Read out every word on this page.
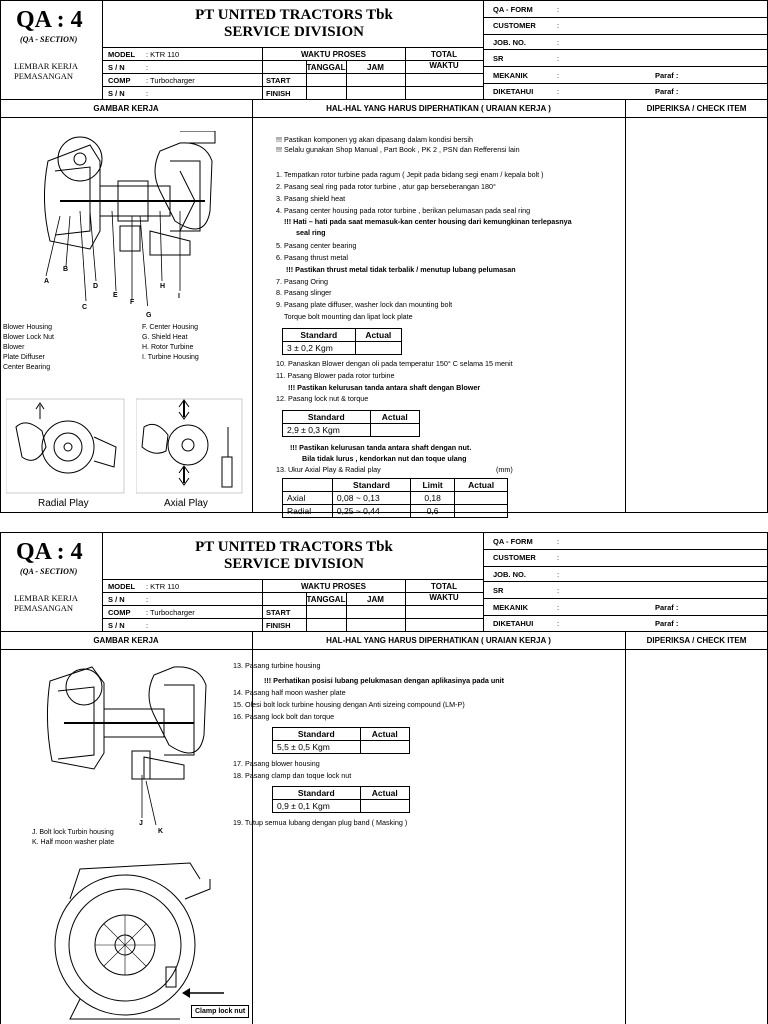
QA : 4
(QA - SECTION)
PT UNITED TRACTORS Tbk
SERVICE DIVISION
LEMBAR KERJA
PEMASANGAN
MODEL : KTR 110
S / N	:
COMP : Turbocharger
S / N	:
WAKTU PROSES
TANGGAL	JAM
TOTAL
WAKTU
START
FINISH
QA - FORM	:
CUSTOMER	:
JOB. NO.	:
SR	:
MEKANIK	:	Paraf :
DIKETAHUI	:	Paraf :
GAMBAR KERJA	HAL-HAL YANG HARUS DIPERHATIKAN ( URAIAN KERJA )	DIPERIKSA / CHECK ITEM
A
B
C
D
E
F
G
H
I
Blower Housing
Blower Lock Nut
Blower
Plate Diffuser
Center Bearing
F. Center Housing
G. Shield Heat
H. Rotor Turbine
I. Turbine Housing
Radial Play	Axial Play
!!! Pastikan komponen yg akan dipasang dalam kondisi bersih
!!! Selalu gunakan Shop Manual , Part Book , PK 2 , PSN dan Refferensi lain
1. Tempatkan rotor turbine pada ragum ( Jepit pada bidang segi enam / kepala bolt )
2. Pasang seal ring pada rotor turbine , atur gap berseberangan 180°
3. Pasang shield heat
4. Pasang center housing pada rotor turbine , berikan pelumasan pada seal ring
!!! Hati – hati pada saat memasuk-kan center housing dari kemungkinan terlepasnya
seal ring
5. Pasang center bearing
6. Pasang thrust metal
!!! Pastikan thrust metal tidak terbalik / menutup lubang pelumasan
7. Pasang Oring
8. Pasang slinger
9. Pasang plate diffuser, washer lock dan mounting bolt
Torque bolt mounting dan lipat lock plate
Standard	Actual
3 ± 0,2 Kgm	
10. Panaskan Blower dengan oli pada temperatur 150° C selama 15 menit
11. Pasang Blower pada rotor turbine
!!! Pastikan kelurusan tanda antara shaft dengan Blower
12. Pasang lock nut & torque
Standard	Actual
2,9 ± 0,3 Kgm	
!!! Pastikan kelurusan tanda antara shaft dengan nut.
Bila tidak lurus , kendorkan nut dan toque ulang
13. Ukur Axial Play & Radial play	(mm)
	Standard	Limit	Actual
Axial	0,08 ~ 0,13	0,18	
Radial	0,25 ~ 0,44	0,6	
QA : 4
(QA - SECTION)
PT UNITED TRACTORS Tbk
SERVICE DIVISION
LEMBAR KERJA
PEMASANGAN
MODEL : KTR 110
S / N	:
COMP : Turbocharger
S / N	:
WAKTU PROSES
TANGGAL	JAM
TOTAL
WAKTU
START
FINISH
QA - FORM	:
CUSTOMER	:
JOB. NO.	:
SR	:
MEKANIK	:	Paraf :
DIKETAHUI	:	Paraf :
GAMBAR KERJA	HAL-HAL YANG HARUS DIPERHATIKAN ( URAIAN KERJA )	DIPERIKSA / CHECK ITEM
J
K
J. Bolt lock Turbin housing
K. Half moon washer plate
Clamp lock nut
13. Pasang turbine housing
!!! Perhatikan posisi lubang pelukmasan dengan aplikasinya pada unit
14. Pasang half moon washer plate
15. Olesi bolt lock turbine housing dengan Anti sizeing compound (LM-P)
16. Pasang lock bolt dan torque
Standard	Actual
5,5 ± 0,5 Kgm	
17. Pasang blower housing
18. Pasang clamp dan toque lock nut
Standard	Actual
0,9 ± 0,1 Kgm	
19. Tutup semua lubang dengan plug band ( Masking )
